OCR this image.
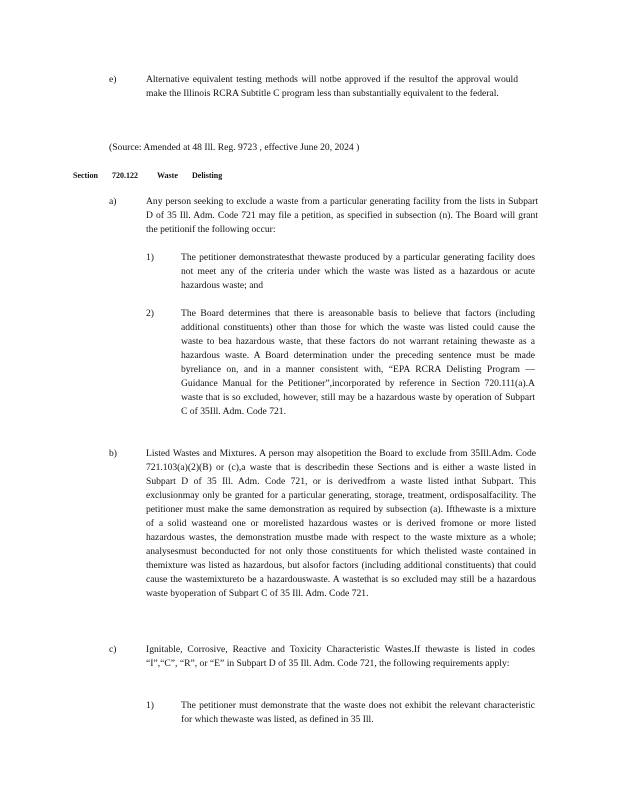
e)	Alternative equivalent testing methods will notbe approved if the resultof the approval would make the Illinois RCRA Subtitle C program less than substantially equivalent to the federal.
(Source: Amended at 48 Ill. Reg. 9723 , effective June 20, 2024 )
Section 720.122 Waste Delisting
a)	Any person seeking to exclude a waste from a particular generating facility from the lists in Subpart D of 35 Ill. Adm. Code 721 may file a petition, as specified in subsection (n). The Board will grant the petitionif the following occur:
1)	The petitioner demonstratesthat thewaste produced by a particular generating facility does not meet any of the criteria under which the waste was listed as a hazardous or acute hazardous waste; and
2)	The Board determines that there is areasonable basis to believe that factors (including additional constituents) other than those for which the waste was listed could cause the waste to bea hazardous waste, that these factors do not warrant retaining thewaste as a hazardous waste. A Board determination under the preceding sentence must be made byreliance on, and in a manner consistent with, “EPA RCRA Delisting Program — Guidance Manual for the Petitioner”,incorporated by reference in Section 720.111(a).A waste that is so excluded, however, still may be a hazardous waste by operation of Subpart C of 35Ill. Adm. Code 721.
b)	Listed Wastes and Mixtures. A person may alsopetition the Board to exclude from 35Ill.Adm. Code 721.103(a)(2)(B) or (c),a waste that is describedin these Sections and is either a waste listed in Subpart D of 35 Ill. Adm. Code 721, or is derivedfrom a waste listed inthat Subpart. This exclusionmay only be granted for a particular generating, storage, treatment, ordisposalfacility. The petitioner must make the same demonstration as required by subsection (a). Ifthewaste is a mixture of a solid wasteand one or morelisted hazardous wastes or is derived fromone or more listed hazardous wastes, the demonstration mustbe made with respect to the waste mixture as a whole; analysesmust beconducted for not only those constituents for which thelisted waste contained in themixture was listed as hazardous, but alsofor factors (including additional constituents) that could cause the wastemixtureto be a hazardouswaste. A wastethat is so excluded may still be a hazardous waste byoperation of Subpart C of 35 Ill. Adm. Code 721.
c)	Ignitable, Corrosive, Reactive and Toxicity Characteristic Wastes.If thewaste is listed in codes “I”,“C”, “R”, or “E” in Subpart D of 35 Ill. Adm. Code 721, the following requirements apply:
1)	The petitioner must demonstrate that the waste does not exhibit the relevant characteristic for which thewaste was listed, as defined in 35 Ill.
